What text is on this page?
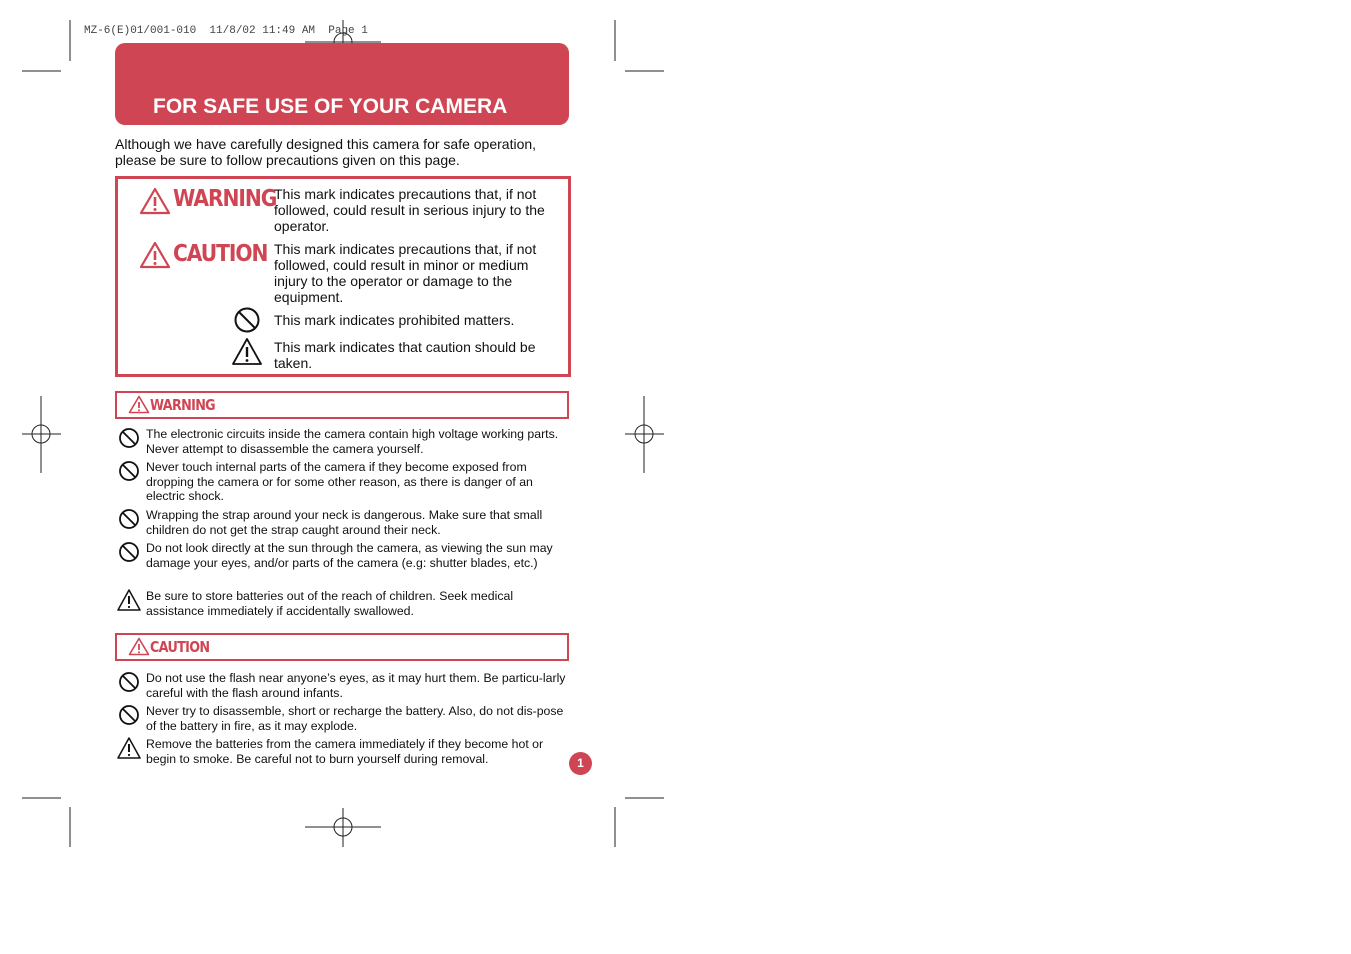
MZ-6(E)01/001-010  11/8/02 11:49 AM  Page 1
FOR SAFE USE OF YOUR CAMERA
Although we have carefully designed this camera for safe operation, please be sure to follow precautions given on this page.
WARNING
This mark indicates precautions that, if not followed, could result in serious injury to the operator.
CAUTION This mark indicates precautions that, if not followed, could result in minor or medium injury to the operator or damage to the equipment.
This mark indicates prohibited matters.
This mark indicates that caution should be taken.
WARNING
The electronic circuits inside the camera contain high voltage working parts. Never attempt to disassemble the camera yourself.
Never touch internal parts of the camera if they become exposed from dropping the camera or for some other reason, as there is danger of an electric shock.
Wrapping the strap around your neck is dangerous. Make sure that small children do not get the strap caught around their neck.
Do not look directly at the sun through the camera, as viewing the sun may damage your eyes, and/or parts of the camera (e.g: shutter blades, etc.)
Be sure to store batteries out of the reach of children. Seek medical assistance immediately if accidentally swallowed.
CAUTION
Do not use the flash near anyone’s eyes, as it may hurt them. Be particu-larly careful with the flash around infants.
Never try to disassemble, short or recharge the battery. Also, do not dis-pose of the battery in fire, as it may explode.
Remove the batteries from the camera immediately if they become hot or begin to smoke. Be careful not to burn yourself during removal.	1
